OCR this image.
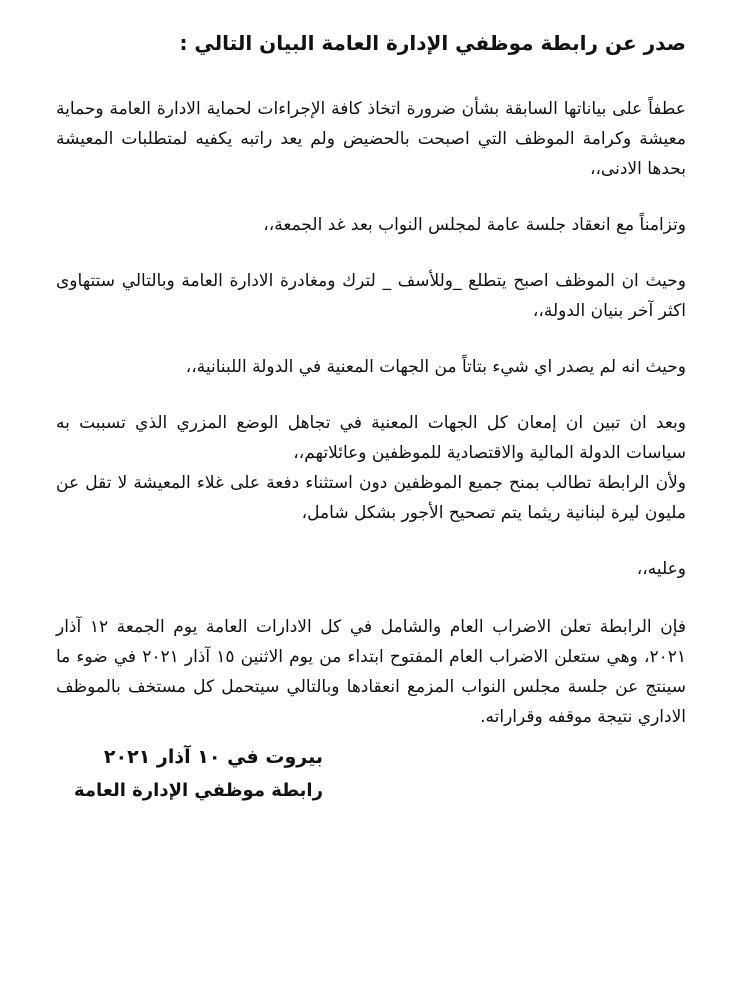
صدر عن رابطة موظفي الإدارة العامة البيان التالي :
عطفاً على بياناتها السابقة بشأن ضرورة اتخاذ كافة الإجراءات لحماية الادارة العامة وحماية معيشة وكرامة الموظف التي اصبحت بالحضيض ولم يعد راتبه يكفيه لمتطلبات المعيشة بحدها الادنى،،
وتزامناً مع انعقاد جلسة عامة لمجلس النواب بعد غد الجمعة،،
وحيث ان الموظف اصبح يتطلع _وللأسف _ لترك ومغادرة الادارة العامة وبالتالي ستتهاوى اكثر آخر بنيان الدولة،،
وحيث انه لم يصدر اي شيء بتاتاً من الجهات المعنية في الدولة اللبنانية،،
وبعد ان تبين ان إمعان كل الجهات المعنية في تجاهل الوضع المزري الذي تسببت به سياسات الدولة المالية والاقتصادية للموظفين وعائلاتهم،،
ولأن الرابطة تطالب بمنح جميع الموظفين دون استثناء دفعة على غلاء المعيشة لا تقل عن مليون ليرة لبنانية ريثما يتم تصحيح الأجور بشكل شامل،
وعليه،،
فإن الرابطة تعلن الاضراب العام والشامل في كل الادارات العامة يوم الجمعة ١٢ آذار ٢٠٢١، وهي ستعلن الاضراب العام المفتوح ابتداء من يوم الاثنين ١٥ آذار ٢٠٢١ في ضوء ما سينتج عن جلسة مجلس النواب المزمع انعقادها وبالتالي سيتحمل كل مستخف بالموظف الاداري نتيجة موقفه وقراراته.
بيروت في ١٠ آذار ٢٠٢١
رابطة موظفي الإدارة العامة
